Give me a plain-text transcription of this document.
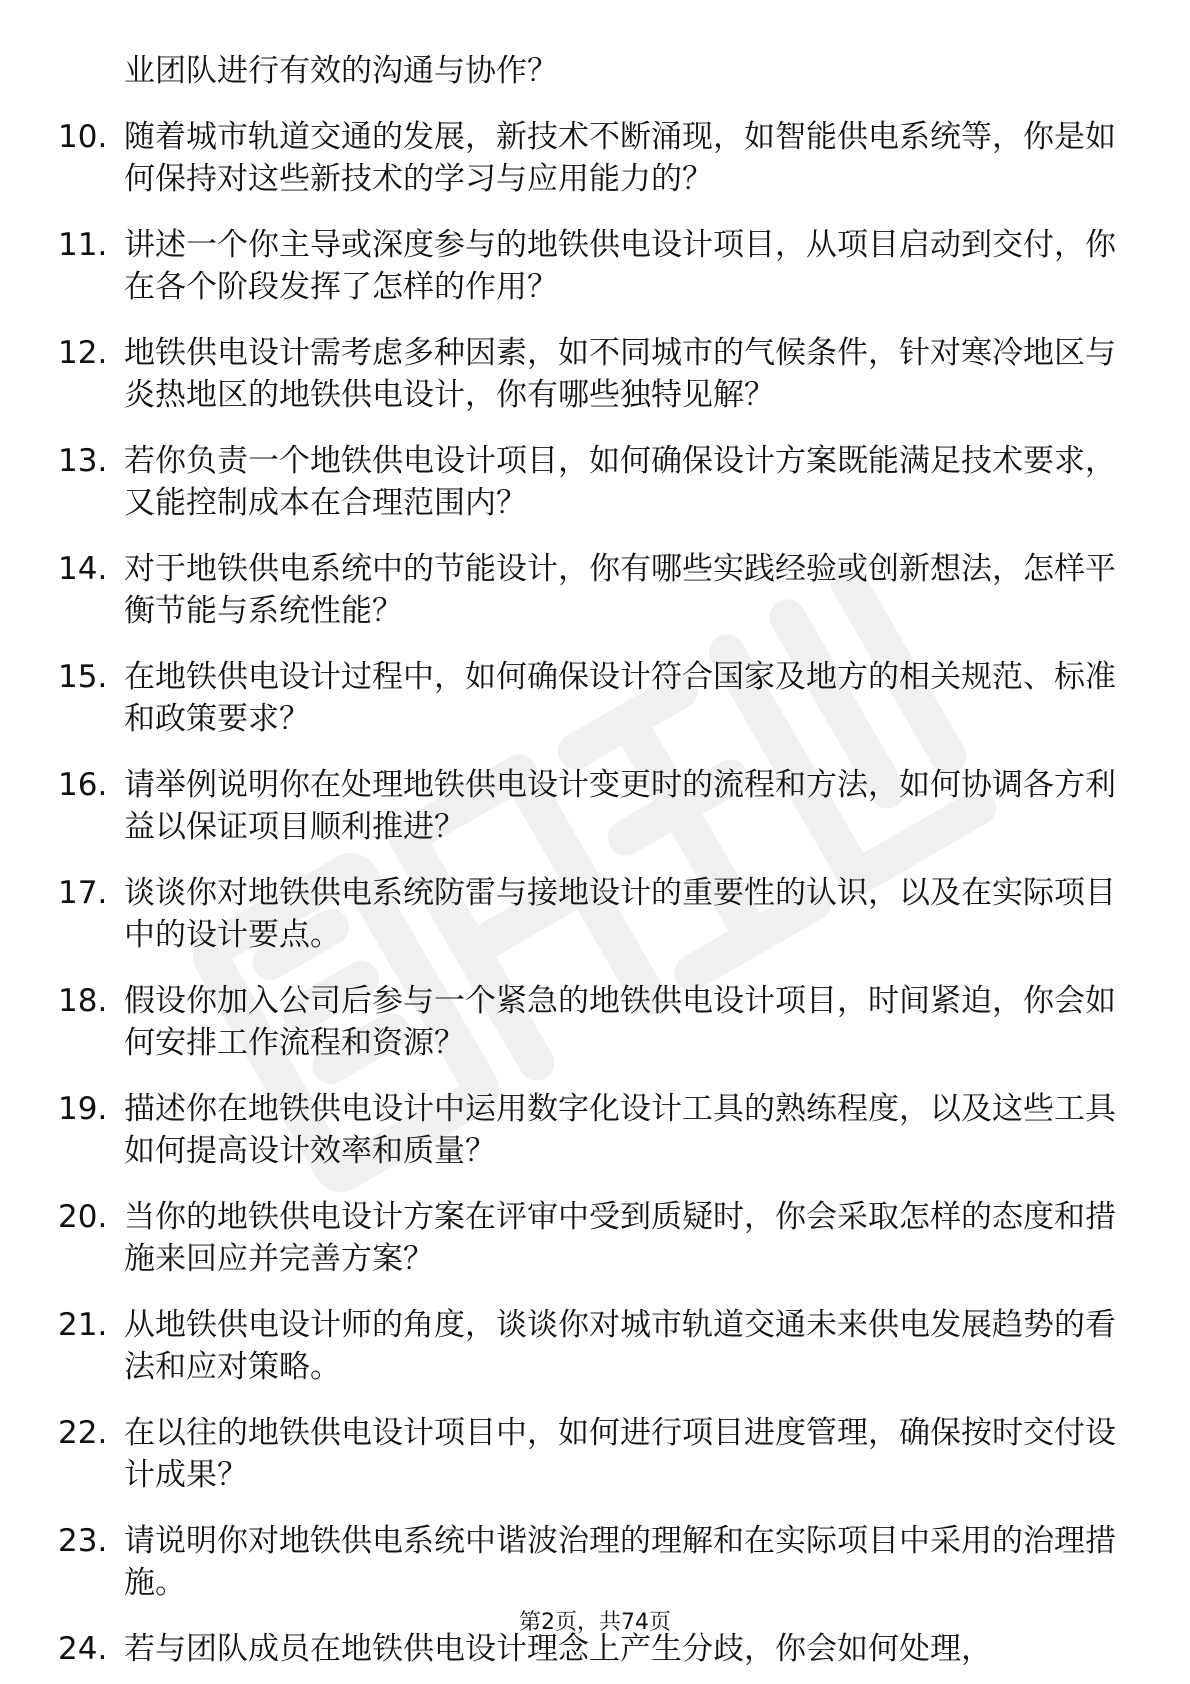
业团队进行有效的沟通与协作？
10. 随着城市轨道交通的发展，新技术不断涌现，如智能供电系统等，你是如何保持对这些新技术的学习与应用能力的？
11. 讲述一个你主导或深度参与的地铁供电设计项目，从项目启动到交付，你在各个阶段发挥了怎样的作用？
12. 地铁供电设计需考虑多种因素，如不同城市的气候条件，针对寒冷地区与炎热地区的地铁供电设计，你有哪些独特见解？
13. 若你负责一个地铁供电设计项目，如何确保设计方案既能满足技术要求，又能控制成本在合理范围内？
14. 对于地铁供电系统中的节能设计，你有哪些实践经验或创新想法，怎样平衡节能与系统性能？
15. 在地铁供电设计过程中，如何确保设计符合国家及地方的相关规范、标准和政策要求？
16. 请举例说明你在处理地铁供电设计变更时的流程和方法，如何协调各方利益以保证项目顺利推进？
17. 谈谈你对地铁供电系统防雷与接地设计的重要性的认识，以及在实际项目中的设计要点。
18. 假设你加入公司后参与一个紧急的地铁供电设计项目，时间紧迫，你会如何安排工作流程和资源？
19. 描述你在地铁供电设计中运用数字化设计工具的熟练程度，以及这些工具如何提高设计效率和质量？
20. 当你的地铁供电设计方案在评审中受到质疑时，你会采取怎样的态度和措施来回应并完善方案？
21. 从地铁供电设计师的角度，谈谈你对城市轨道交通未来供电发展趋势的看法和应对策略。
22. 在以往的地铁供电设计项目中，如何进行项目进度管理，确保按时交付设计成果？
23. 请说明你对地铁供电系统中谐波治理的理解和在实际项目中采用的治理措施。
24. 若与团队成员在地铁供电设计理念上产生分歧，你会如何处理，
第2页，共74页
